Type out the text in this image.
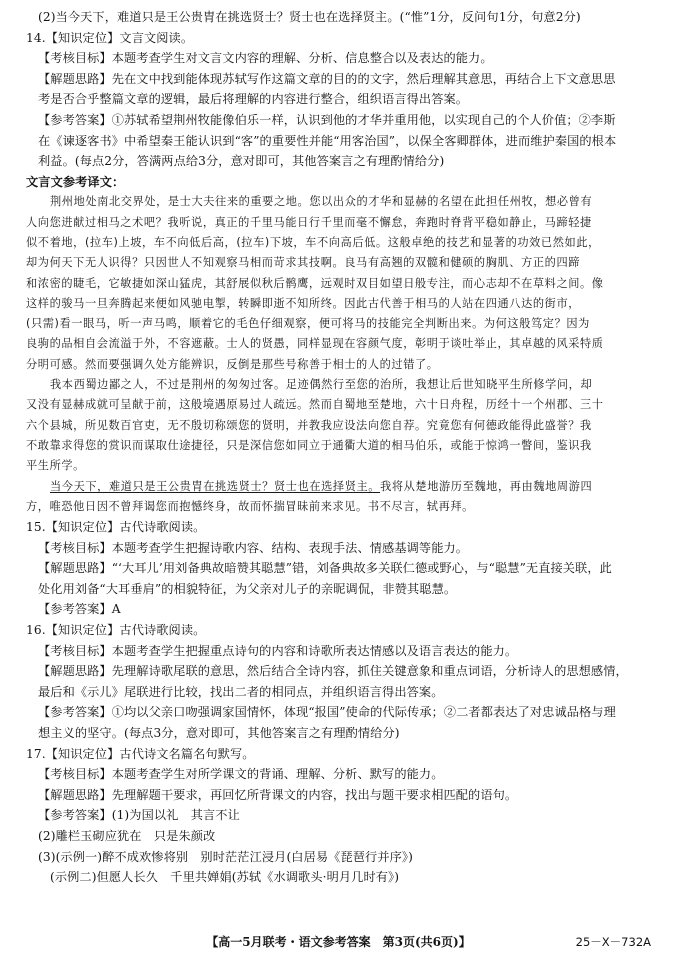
(2)当今天下，难道只是王公贵胄在挑选贤士？贤士也在选择贤主。(“惟”1分，反问句1分，句意2分)
14.【知识定位】文言文阅读。
【考核目标】本题考查学生对文言文内容的理解、分析、信息整合以及表达的能力。
【解题思路】先在文中找到能体现苏轼写作这篇文章的目的的文字，然后理解其意思，再结合上下文意思思
考是否合乎整篇文章的逻辑，最后将理解的内容进行整合，组织语言得出答案。
【参考答案】①苏轼希望荆州牧能像伯乐一样，认识到他的才华并重用他，以实现自己的个人价值；②李斯
在《谏逐客书》中希望秦王能认识到“客”的重要性并能“用客治国”，以保全客卿群体，进而维护秦国的根本
利益。(每点2分，答满两点给3分，意对即可，其他答案言之有理酌情给分)
文言文参考译文：
荆州地处南北交界处，是士大夫往来的重要之地。您以出众的才华和显赫的名望在此担任州牧，想必曾有
人向您进献过相马之术吧？我听说，真正的千里马能日行千里而毫不懈怠，奔跑时脊背平稳如静止，马蹄轻捷
似不着地，(拉车)上坡，车不向低后高，(拉车)下坡，车不向高后低。这般卓绝的技艺和显著的功效已然如此，
却为何天下无人识得？只因世人不知观察马相而苛求其技啊。良马有高翘的双髋和健硕的胸肌、方正的四蹄
和浓密的睫毛，它敏捷如深山猛虎，其舒展似秋后鹘鹰，远观时双目如望日般专注，而心志却不在草料之间。像
这样的骏马一旦奔腾起来便如风驰电掣，转瞬即逝不知所终。因此古代善于相马的人站在四通八达的街市，
(只需)看一眼马，听一声马鸣，顺着它的毛色仔细观察，便可将马的技能完全判断出来。为何这般笃定？因为
良驹的品相自会流溢于外，不容遮蔽。士人的贤愚，同样显现在容颜气度，彰明于谈吐举止，其卓越的风采特质
分明可感。然而要强调久处方能辨识，反倒是那些号称善于相士的人的过错了。
我本西蜀边鄙之人，不过是荆州的匆匆过客。足迹偶然行至您的治所，我想让后世知晓平生所修学问，却
又没有显赫成就可呈献于前，这般境遇原易过人疏远。然而自蜀地至楚地，六十日舟程，历经十一个州郡、三十
六个县城，所见数百官吏，无不殷切称颂您的贤明，并教我应设法向您自荐。究竟您有何德政能得此盛誉？我
不敢靠求得您的赏识而谋取仕途捷径，只是深信您如同立于通衢大道的相马伯乐，或能于惊鸿一瞥间，鉴识我
平生所学。
当今天下，难道只是王公贵胄在挑选贤士？贤士也在选择贤主。我将从楚地游历至魏地，再由魏地周游四
方，唯恐他日因不曾拜谒您而抱憾终身，故而怀揣冒昧前来求见。书不尽言，轼再拜。
15.【知识定位】古代诗歌阅读。
【考核目标】本题考查学生把握诗歌内容、结构、表现手法、情感基调等能力。
【解题思路】“‘大耳儿’用刘备典故暗赞其聪慧”错，刘备典故多关联仁德或野心，与“聪慧”无直接关联，此
处化用刘备“大耳垂肩”的相貌特征，为父亲对儿子的亲昵调侃，非赞其聪慧。
【参考答案】A
16.【知识定位】古代诗歌阅读。
【考核目标】本题考查学生把握重点诗句的内容和诗歌所表达情感以及语言表达的能力。
【解题思路】先理解诗歌尾联的意思，然后结合全诗内容，抓住关键意象和重点词语，分析诗人的思想感情，
最后和《示儿》尾联进行比较，找出二者的相同点，并组织语言得出答案。
【参考答案】①均以父亲口吻强调家国情怀，体现“报国”使命的代际传承；②二者都表达了对忠诚品格与理
想主义的坚守。(每点3分，意对即可，其他答案言之有理酌情给分)
17.【知识定位】古代诗文名篇名句默写。
【考核目标】本题考查学生对所学课文的背诵、理解、分析、默写的能力。
【解题思路】先理解题干要求，再回忆所背课文的内容，找出与题干要求相匹配的语句。
【参考答案】(1)为国以礼　其言不让
(2)雕栏玉砌应犹在　只是朱颜改
(3)(示例一)醉不成欢惨将别　别时茫茫江浸月(白居易《琵琶行并序》)
(示例二)但愿人长久　千里共婵娟(苏轼《水调歌头·明月几时有》)
【高一5月联考・语文参考答案　第3页(共6页)】	25－X－732A
